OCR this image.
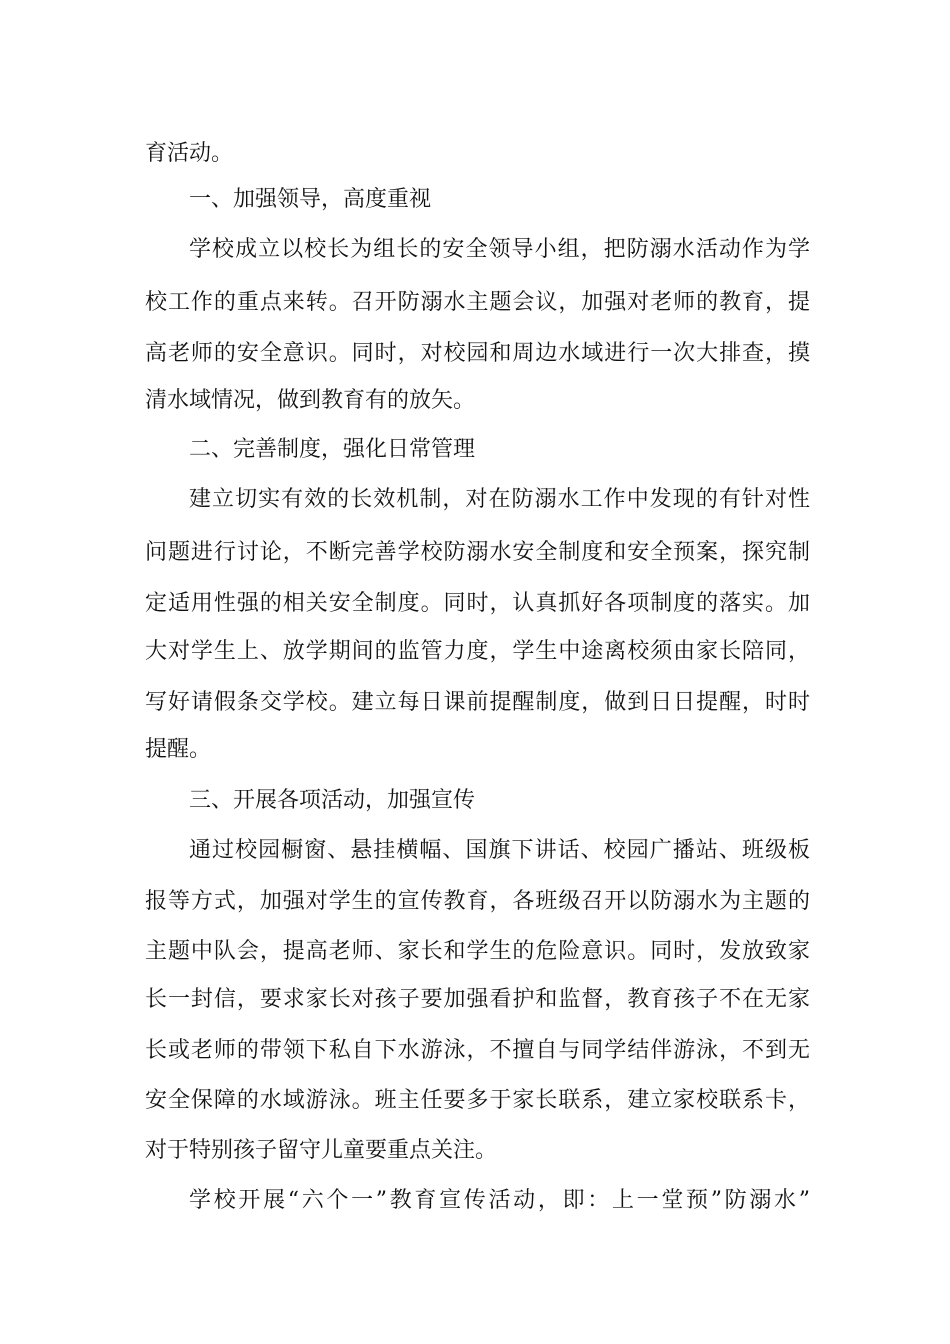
育活动。
一、加强领导，高度重视
学校成立以校长为组长的安全领导小组，把防溺水活动作为学
校工作的重点来转。召开防溺水主题会议，加强对老师的教育，提
高老师的安全意识。同时，对校园和周边水域进行一次大排查，摸
清水域情况，做到教育有的放矢。
二、完善制度，强化日常管理
建立切实有效的长效机制，对在防溺水工作中发现的有针对性
问题进行讨论，不断完善学校防溺水安全制度和安全预案，探究制
定适用性强的相关安全制度。同时，认真抓好各项制度的落实。加
大对学生上、放学期间的监管力度，学生中途离校须由家长陪同，
写好请假条交学校。建立每日课前提醒制度，做到日日提醒，时时
提醒。
三、开展各项活动，加强宣传
通过校园橱窗、悬挂横幅、国旗下讲话、校园广播站、班级板
报等方式，加强对学生的宣传教育，各班级召开以防溺水为主题的
主题中队会，提高老师、家长和学生的危险意识。同时，发放致家
长一封信，要求家长对孩子要加强看护和监督，教育孩子不在无家
长或老师的带领下私自下水游泳，不擅自与同学结伴游泳，不到无
安全保障的水域游泳。班主任要多于家长联系，建立家校联系卡，
对于特别孩子留守儿童要重点关注。
学校开展“六个一”教育宣传活动，即：上一堂预”防溺水”
